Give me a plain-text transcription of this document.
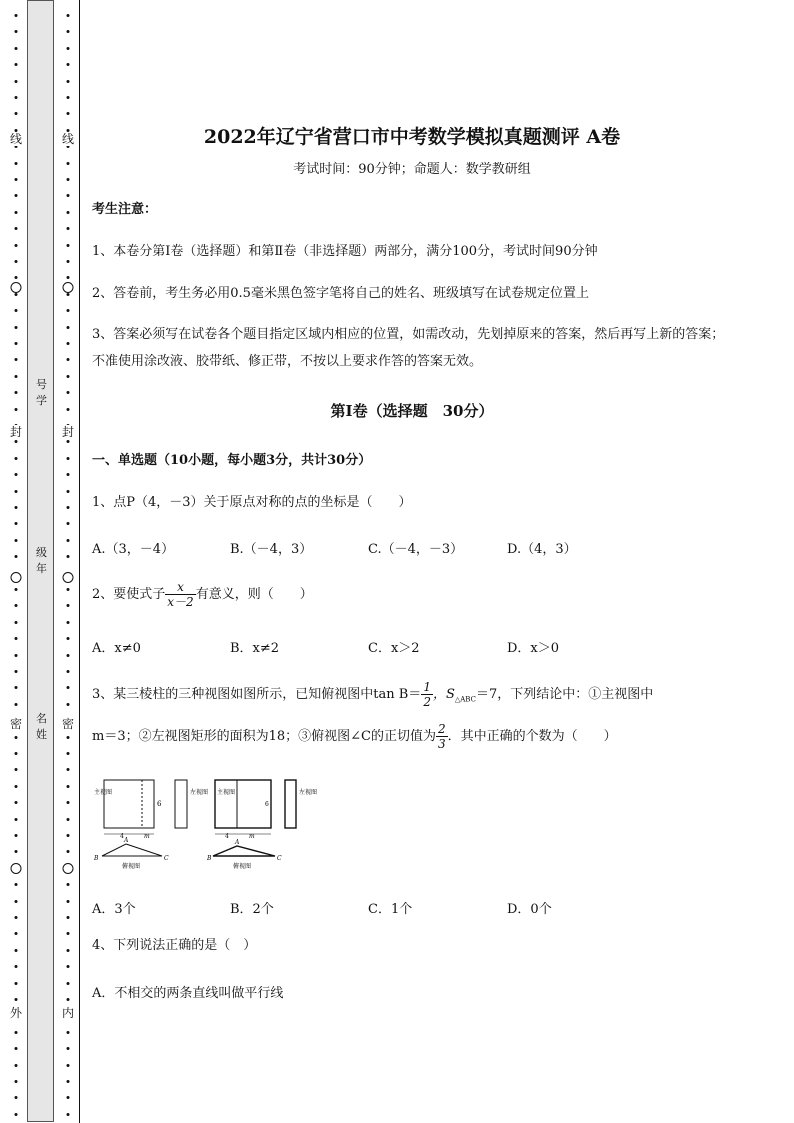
线
封
密
外
号学
级年
名姓
线
封
密
内
2022年辽宁省营口市中考数学模拟真题测评 A卷
考试时间：90分钟；命题人：数学教研组
考生注意：
1、本卷分第I卷（选择题）和第Ⅱ卷（非选择题）两部分，满分100分，考试时间90分钟
2、答卷前，考生务必用0.5毫米黑色签字笔将自己的姓名、班级填写在试卷规定位置上
3、答案必须写在试卷各个题目指定区域内相应的位置，如需改动，先划掉原来的答案，然后再写上新的答案；不准使用涂改液、胶带纸、修正带，不按以上要求作答的答案无效。
第I卷（选择题　30分）
一、单选题（10小题，每小题3分，共计30分）
1、点P（4，－3）关于原点对称的点的坐标是（　　）
A.（3，－4）	B.（－4，3）	C.（－4，－3）	D.（4，3）
2、要使式子 $\frac{x}{x-2}$ 有意义，则（　　）
A．x≠0	B．x≠2	C．x＞2	D．x＞0
3、某三棱柱的三种视图如图所示，已知俯视图中$\tan B= \frac{1}{2}$ ，$S_{\triangle ABC}=7$，下列结论中：①主视图中
m＝3；②左视图矩形的面积为18；③俯视图∠C的正切值为 $\frac{2}{3}$ ．其中正确的个数为（　　）
主视图
6
4	m
左视图
A
B	C
俯视图
主视图
6
4	m
左视图
A
B	C
俯视图
A．3个	B．2个	C．1个	D．0个
4、下列说法正确的是（　）
A．不相交的两条直线叫做平行线
